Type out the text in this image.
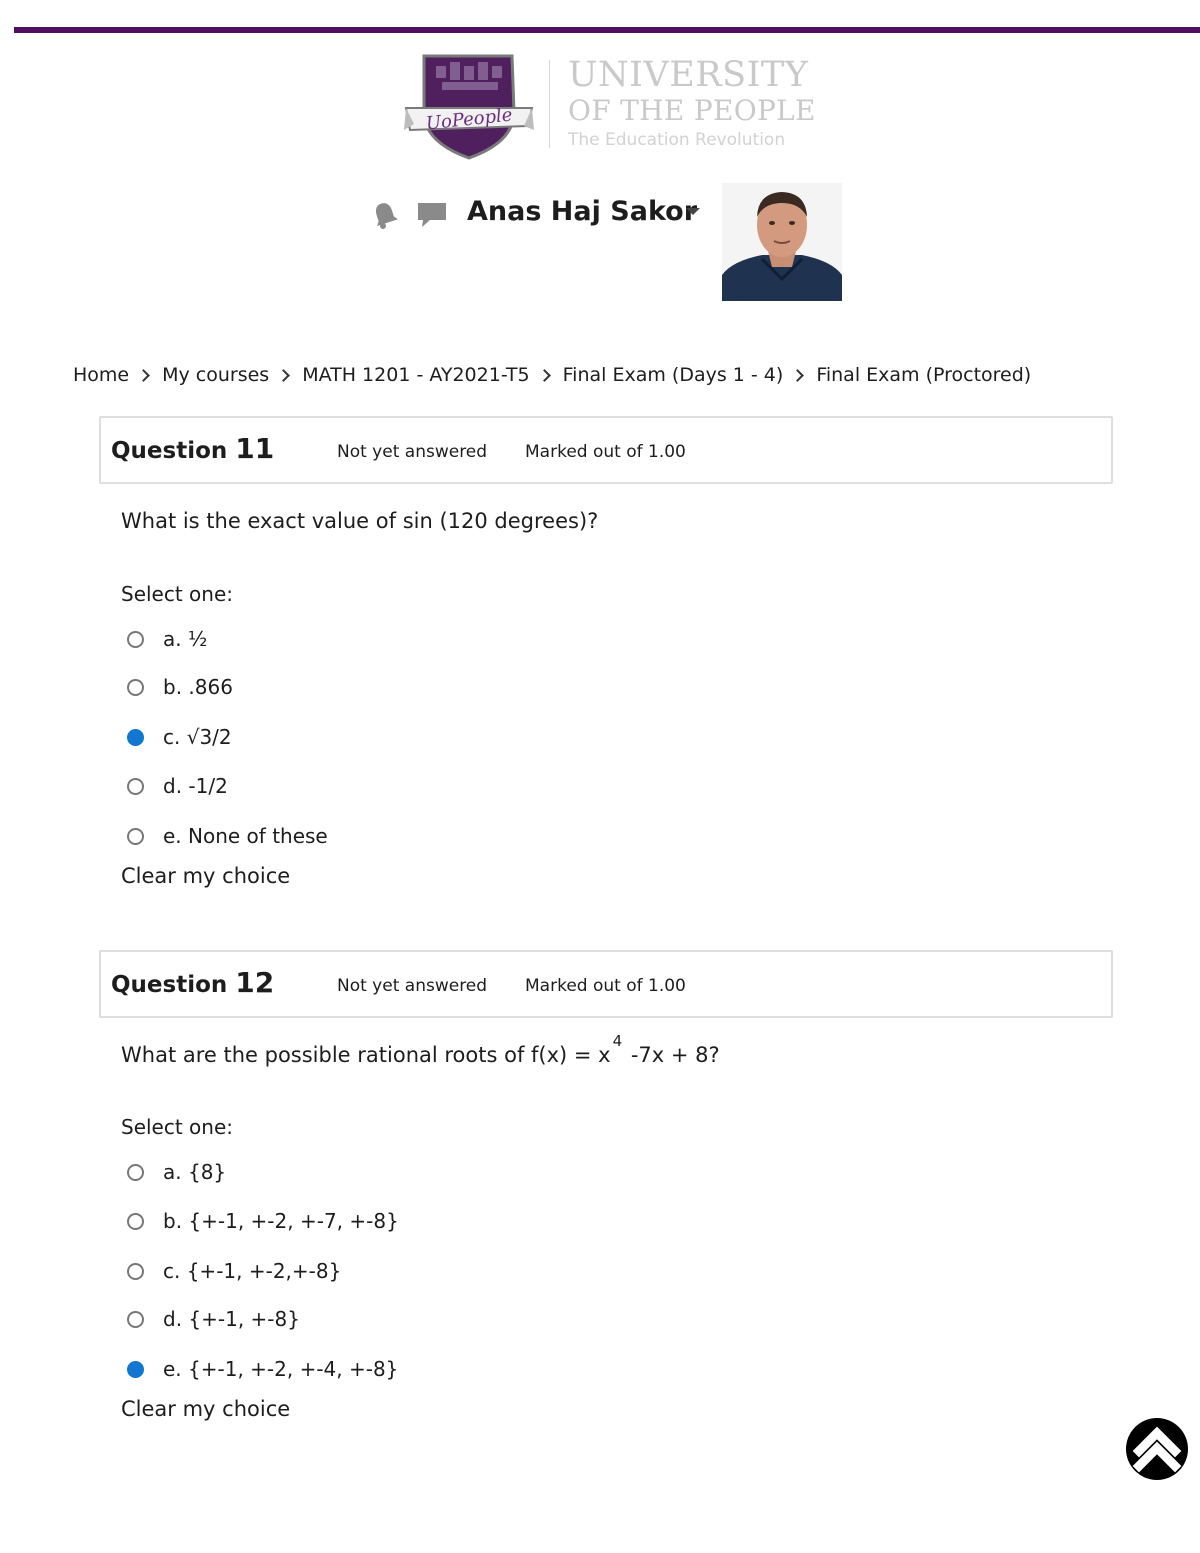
UoPeople
UNIVERSITY
OF THE PEOPLE
The Education Revolution
Anas Haj Sakor
Home My courses MATH 1201 - AY2021-T5 Final Exam (Days 1 - 4) Final Exam (Proctored)
Question 11	Not yet answered Marked out of 1.00
What is the exact value of sin (120 degrees)?
Select one:
a. ½
b. .866
c. √3/2
d. -1/2
e. None of these
Clear my choice
Question 12	Not yet answered Marked out of 1.00
What are the possible rational roots of $f(x) = x^4$ -7x + 8?
Select one:
a. {8}
b. {+-1, +-2, +-7, +-8}
c. {+-1, +-2,+-8}
d. {+-1, +-8}
e. {+-1, +-2, +-4, +-8}
Clear my choice
